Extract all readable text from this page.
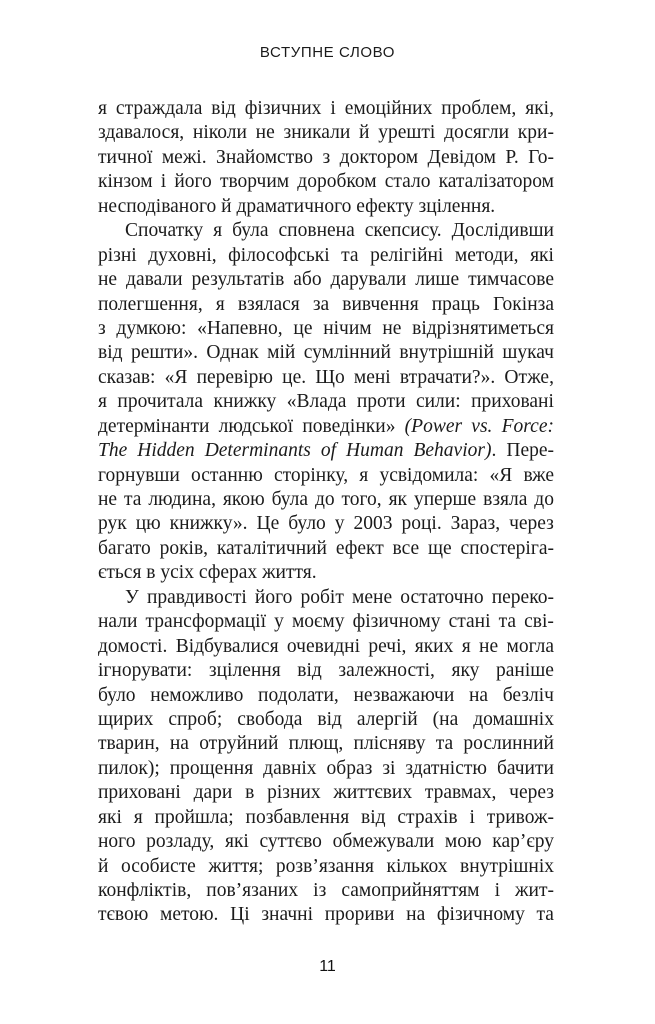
ВСТУПНЕ СЛОВО
я страждала від фізичних і емоційних проблем, які,
здавалося, ніколи не зникали й урешті досягли кри-
тичної межі. Знайомство з доктором Девідом Р. Го-
кінзом і його творчим доробком стало каталізатором
несподіваного й драматичного ефекту зцілення.
Спочатку я була сповнена скепсису. Дослідивши
різні духовні, філософські та релігійні методи, які
не давали результатів або дарували лише тимчасове
полегшення, я взялася за вивчення праць Гокінза
з думкою: «Напевно, це нічим не відрізнятиметься
від решти». Однак мій сумлінний внутрішній шукач
сказав: «Я перевірю це. Що мені втрачати?». Отже,
я прочитала книжку «Влада проти сили: приховані
детермінанти людської поведінки» (Power vs. Force:
The Hidden Determinants of Human Behavior). Пере-
горнувши останню сторінку, я усвідомила: «Я вже
не та людина, якою була до того, як уперше взяла до
рук цю книжку». Це було у 2003 році. Зараз, через
багато років, каталітичний ефект все ще спостеріга-
ється в усіх сферах життя.
У правдивості його робіт мене остаточно переко-
нали трансформації у моєму фізичному стані та сві-
домості. Відбувалися очевидні речі, яких я не могла
ігнорувати: зцілення від залежності, яку раніше
було неможливо подолати, незважаючи на безліч
щирих спроб; свобода від алергій (на домашніх
тварин, на отруйний плющ, плісняву та рослинний
пилок); прощення давніх образ зі здатністю бачити
приховані дари в різних життєвих травмах, через
які я пройшла; позбавлення від страхів і тривож-
ного розладу, які суттєво обмежували мою кар’єру
й особисте життя; розв’язання кількох внутрішніх
конфліктів, пов’язаних із самоприйняттям і жит-
тєвою метою. Ці значні прориви на фізичному та
11
